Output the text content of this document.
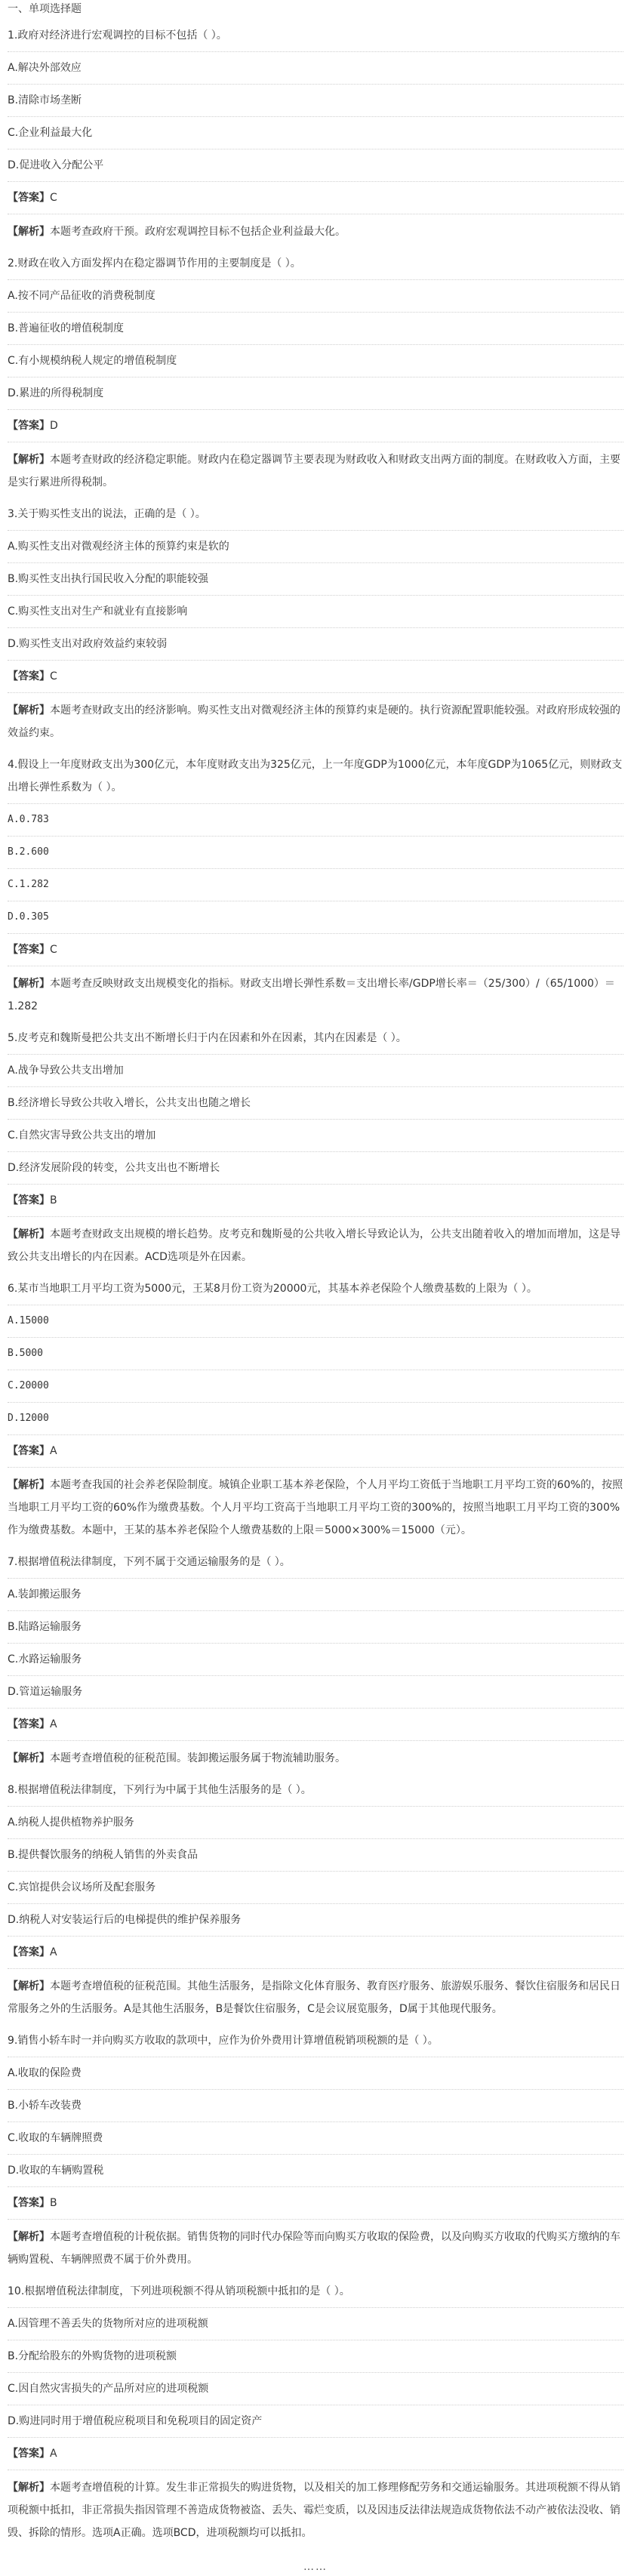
一、单项选择题
1.政府对经济进行宏观调控的目标不包括（ ）。
A.解决外部效应
B.清除市场垄断
C.企业利益最大化
D.促进收入分配公平
【答案】C
【解析】本题考查政府干预。政府宏观调控目标不包括企业利益最大化。
2.财政在收入方面发挥内在稳定器调节作用的主要制度是（ ）。
A.按不同产品征收的消费税制度
B.普遍征收的增值税制度
C.有小规模纳税人规定的增值税制度
D.累进的所得税制度
【答案】D
【解析】本题考查财政的经济稳定职能。财政内在稳定器调节主要表现为财政收入和财政支出两方面的制度。在财政收入方面，主要是实行累进所得税制。
3.关于购买性支出的说法，正确的是（ ）。
A.购买性支出对微观经济主体的预算约束是软的
B.购买性支出执行国民收入分配的职能较强
C.购买性支出对生产和就业有直接影响
D.购买性支出对政府效益约束较弱
【答案】C
【解析】本题考查财政支出的经济影响。购买性支出对微观经济主体的预算约束是硬的。执行资源配置职能较强。对政府形成较强的效益约束。
4.假设上一年度财政支出为300亿元，本年度财政支出为325亿元，上一年度GDP为1000亿元，本年度GDP为1065亿元，则财政支出增长弹性系数为（ ）。
A.0.783
B.2.600
C.1.282
D.0.305
【答案】C
【解析】本题考查反映财政支出规模变化的指标。财政支出增长弹性系数＝支出增长率/GDP增长率＝（25/300）/（65/1000）＝1.282
5.皮考克和魏斯曼把公共支出不断增长归于内在因素和外在因素，其内在因素是（ ）。
A.战争导致公共支出增加
B.经济增长导致公共收入增长，公共支出也随之增长
C.自然灾害导致公共支出的增加
D.经济发展阶段的转变，公共支出也不断增长
【答案】B
【解析】本题考查财政支出规模的增长趋势。皮考克和魏斯曼的公共收入增长导致论认为，公共支出随着收入的增加而增加，这是导致公共支出增长的内在因素。ACD选项是外在因素。
6.某市当地职工月平均工资为5000元，王某8月份工资为20000元，其基本养老保险个人缴费基数的上限为（ ）。
A.15000
B.5000
C.20000
D.12000
【答案】A
【解析】本题考查我国的社会养老保险制度。城镇企业职工基本养老保险，个人月平均工资低于当地职工月平均工资的60%的，按照当地职工月平均工资的60%作为缴费基数。个人月平均工资高于当地职工月平均工资的300%的，按照当地职工月平均工资的300%作为缴费基数。本题中，王某的基本养老保险个人缴费基数的上限＝5000×300%＝15000（元）。
7.根据增值税法律制度，下列不属于交通运输服务的是（ ）。
A.装卸搬运服务
B.陆路运输服务
C.水路运输服务
D.管道运输服务
【答案】A
【解析】本题考查增值税的征税范围。装卸搬运服务属于物流辅助服务。
8.根据增值税法律制度，下列行为中属于其他生活服务的是（ ）。
A.纳税人提供植物养护服务
B.提供餐饮服务的纳税人销售的外卖食品
C.宾馆提供会议场所及配套服务
D.纳税人对安装运行后的电梯提供的维护保养服务
【答案】A
【解析】本题考查增值税的征税范围。其他生活服务，是指除文化体育服务、教育医疗服务、旅游娱乐服务、餐饮住宿服务和居民日常服务之外的生活服务。A是其他生活服务，B是餐饮住宿服务，C是会议展览服务，D属于其他现代服务。
9.销售小轿车时一并向购买方收取的款项中，应作为价外费用计算增值税销项税额的是（ ）。
A.收取的保险费
B.小轿车改装费
C.收取的车辆牌照费
D.收取的车辆购置税
【答案】B
【解析】本题考查增值税的计税依据。销售货物的同时代办保险等而向购买方收取的保险费，以及向购买方收取的代购买方缴纳的车辆购置税、车辆牌照费不属于价外费用。
10.根据增值税法律制度，下列进项税额不得从销项税额中抵扣的是（ ）。
A.因管理不善丢失的货物所对应的进项税额
B.分配给股东的外购货物的进项税额
C.因自然灾害损失的产品所对应的进项税额
D.购进同时用于增值税应税项目和免税项目的固定资产
【答案】A
【解析】本题考查增值税的计算。发生非正常损失的购进货物，以及相关的加工修理修配劳务和交通运输服务。其进项税额不得从销项税额中抵扣，非正常损失指因管理不善造成货物被盗、丢失、霉烂变质，以及因违反法律法规造成货物依法不动产被依法没收、销毁、拆除的情形。选项A正确。选项BCD，进项税额均可以抵扣。
……
